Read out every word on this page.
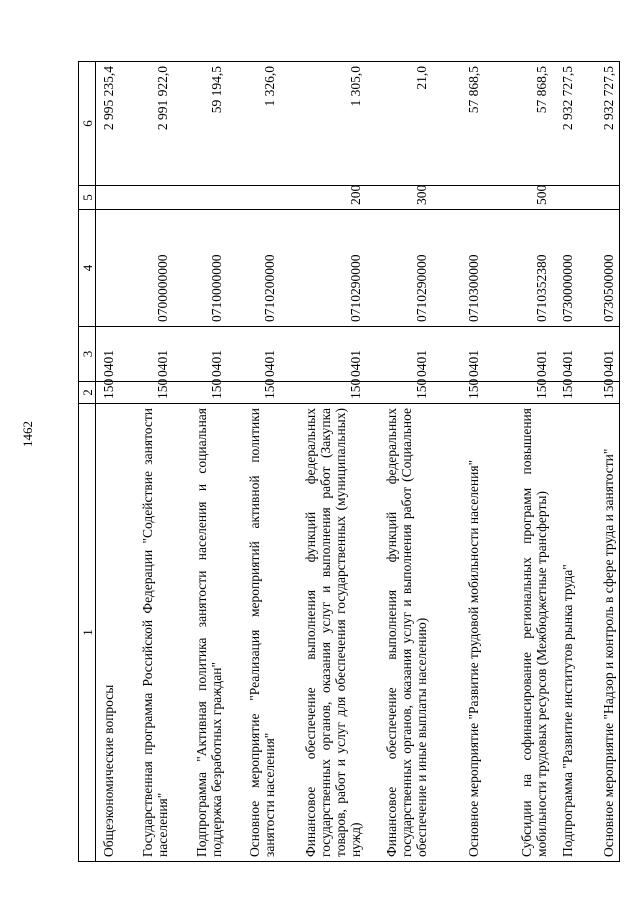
1462
1	2	3	4	5	6
Общеэкономические вопросы	150	0401			2 995 235,4
Государственная программа Российской Федерации "Содействие занятости населения"	150	0401	0700000000		2 991 922,0
Подпрограмма "Активная политика занятости населения и социальная поддержка безработных граждан"	150	0401	0710000000		59 194,5
Основное мероприятие "Реализация мероприятий активной политики занятости населения"	150	0401	0710200000		1 326,0
Финансовое обеспечение выполнения функций федеральных государственных органов, оказания услуг и выполнения работ (Закупка товаров, работ и услуг для обеспечения государственных (муниципальных) нужд)	150	0401	0710290000	200	1 305,0
Финансовое обеспечение выполнения функций федеральных государственных органов, оказания услуг и выполнения работ (Социальное обеспечение и иные выплаты населению)	150	0401	0710290000	300	21,0
Основное мероприятие "Развитие трудовой мобильности населения"	150	0401	0710300000		57 868,5
Субсидии на софинансирование региональных программ повышения мобильности трудовых ресурсов (Межбюджетные трансферты)	150	0401	0710352380	500	57 868,5
Подпрограмма "Развитие институтов рынка труда"	150	0401	0730000000		2 932 727,5
Основное мероприятие "Надзор и контроль в сфере труда и занятости"	150	0401	0730500000		2 932 727,5
